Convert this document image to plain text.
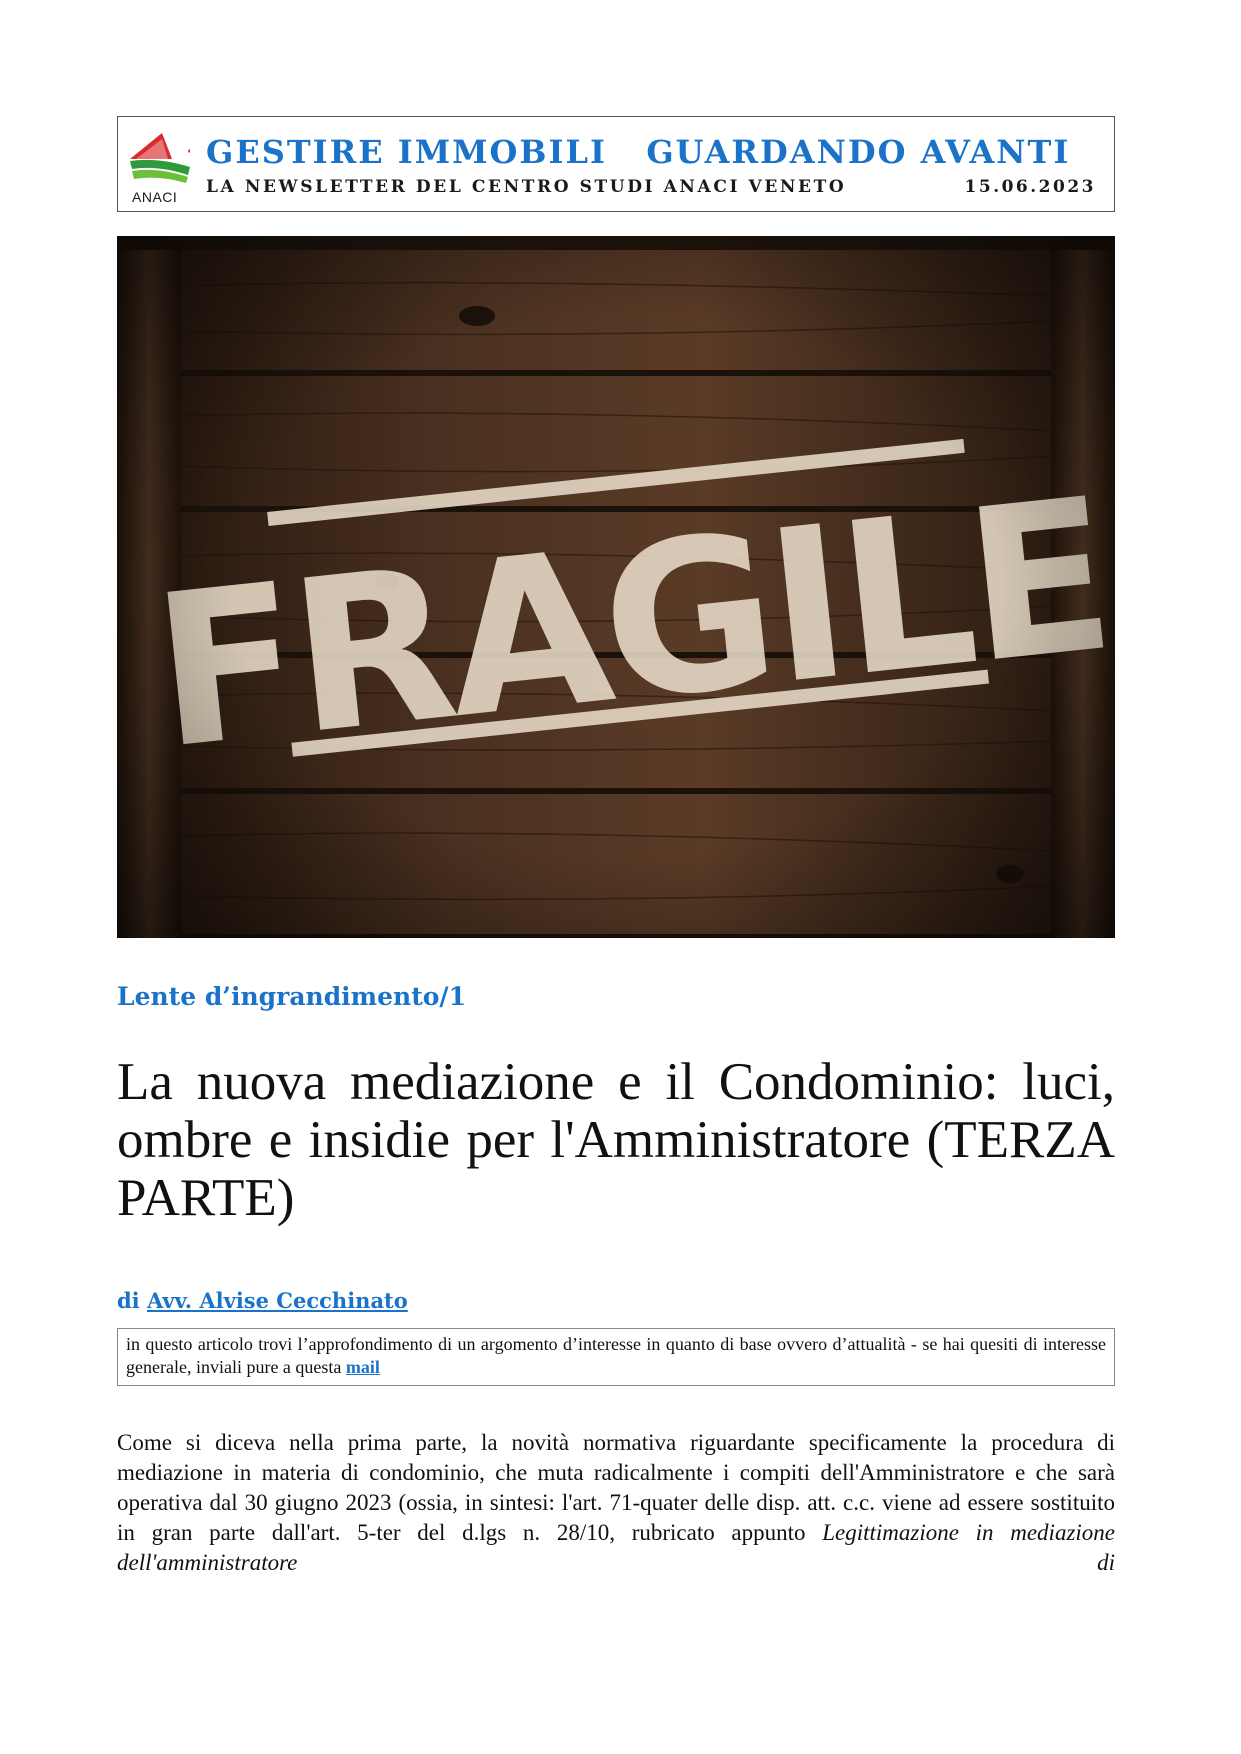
ANACI
GESTIRE IMMOBILI   GUARDANDO AVANTI
LA NEWSLETTER DEL CENTRO STUDI ANACI VENETO	15.06.2023
Lente d’ingrandimento/1
La nuova mediazione e il Condominio: luci, ombre e insidie per l'Amministratore (TERZA PARTE)

di Avv. Alvise Cecchinato

in questo articolo trovi l’approfondimento di un argomento d’interesse in quanto di base ovvero d’attualità - se hai quesiti di interesse generale, inviali pure a questa mail

Come si diceva nella prima parte, la novità normativa riguardante specificamente la procedura di mediazione in materia di condominio, che muta radicalmente i compiti dell'Amministratore e che sarà operativa dal 30 giugno 2023 (ossia, in sintesi: l'art. 71-quater delle disp. att. c.c. viene ad essere sostituito in gran parte dall'art. 5-ter del d.lgs n. 28/10, rubricato appunto Legittimazione in mediazione dell'amministratore di
